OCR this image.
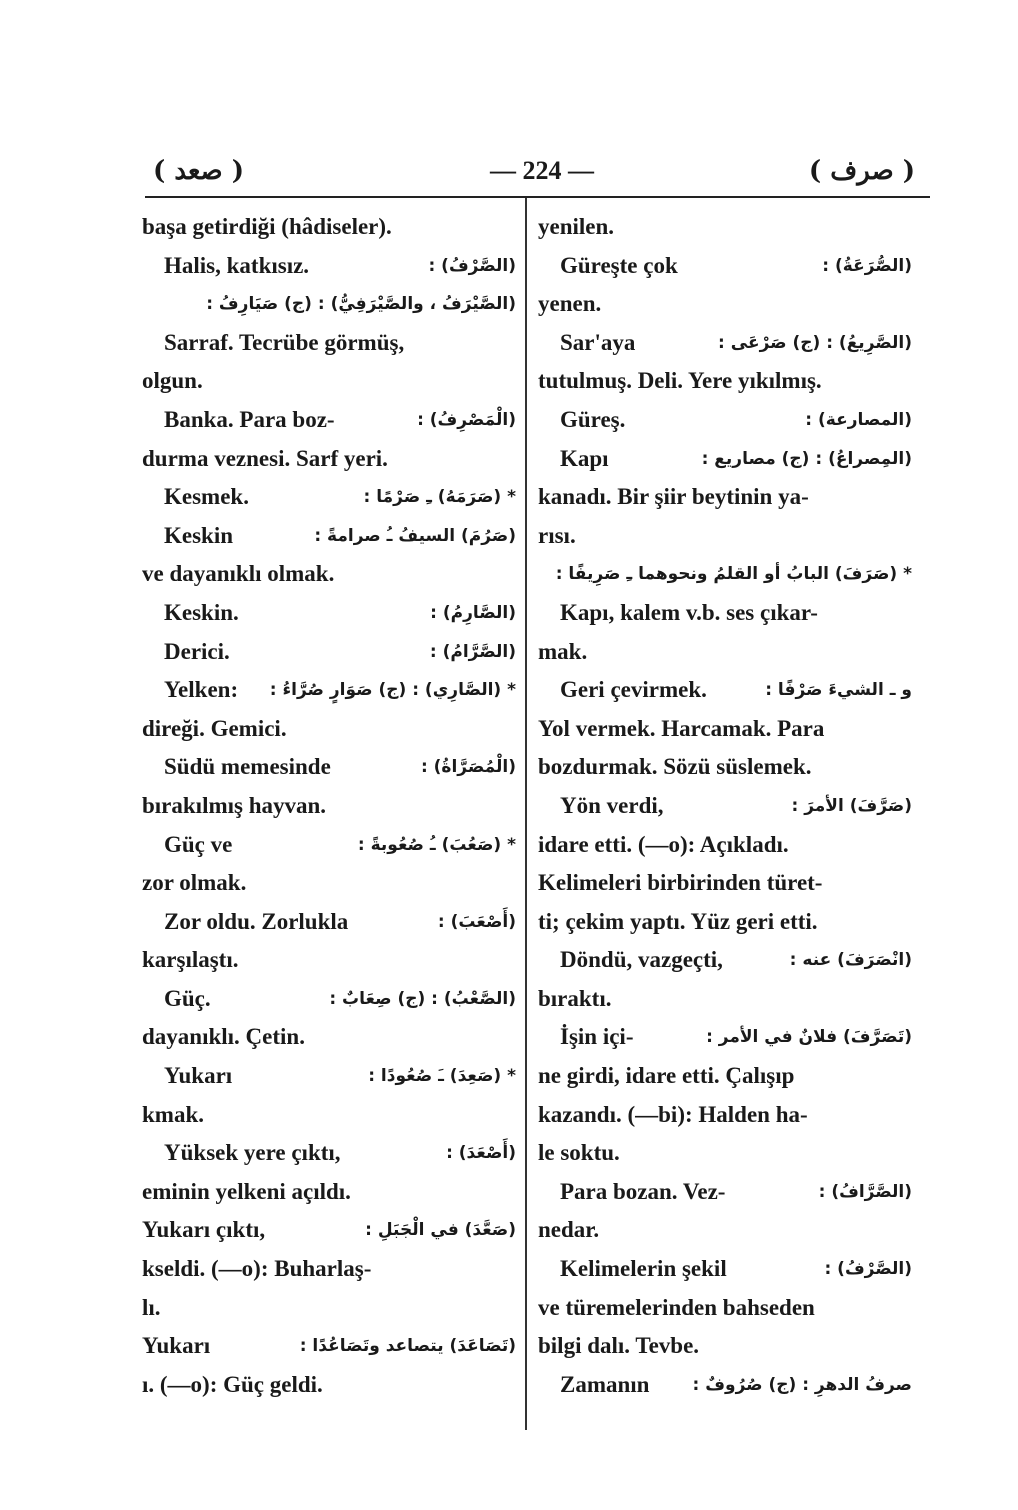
( صعد )	— 224 —	( صرف )
başa getirdiği (hâdiseler).
Halis, katkısız.	(الصَّرْفُ) :
(الصَّيْرَفُ ، والصَّيْرَفِيُّ) : (ج) صَيَارِفُ :
Sarraf. Tecrübe görmüş,
olgun.
Banka. Para boz-	(الْمَصْرِفُ) :
durma veznesi. Sarf yeri.
Kesmek.	* (صَرَمَهُ) ـِ صَرْمًا :
Keskin	(صَرُمَ) السيفُ ـُ صرامةً :
ve dayanıklı olmak.
Keskin.	(الصَّارِمُ) :
Derici.	(الصَّرَّامُ) :
Yelken: * (الصَّارِي) : (ج) صَوَارٍ صُرَّاءُ :
direği. Gemici.
Südü memesinde	(الْمُصَرَّاةُ) :
bırakılmış hayvan.
Güç ve	* (صَعُبَ) ـُ صُعُوبةً :
zor olmak.
Zor oldu. Zorlukla	(أَصْعَبَ) :
karşılaştı.
Güç.	(الصَّعْبُ) : (ج) صِعَابٌ :
dayanıklı. Çetin.
Yukarı	* (صَعِدَ) ـَ صُعُودًا :
kmak.
Yüksek yere çıktı,	(أَصْعَدَ) :
eminin yelkeni açıldı.
Yukarı çıktı,	(صَعَّدَ) في الْجَبَلِ :
kseldi. (—o): Buharlaş-
lı.
Yukarı	(تَصَاعَدَ) يتصاعد وتَصَاعُدًا :
ı. (—o): Güç geldi.
yenilen.
Güreşte çok	(الصُّرَعَةُ) :
yenen.
Sar'aya	(الصَّرِيعُ) : (ج) صَرْعَى :
tutulmuş. Deli. Yere yıkılmış.
Güreş.	(المصارعة) :
Kapı	(المِصراعُ) : (ج) مصاريع :
kanadı. Bir şiir beytinin ya-
rısı.
* (صَرَفَ) البابُ أو القلمُ ونحوهما ـِ صَرِيفًا :
Kapı, kalem v.b. ses çıkar-
mak.
Geri çevirmek.	و ـ الشيءَ صَرْفًا :
Yol vermek. Harcamak. Para
bozdurmak. Sözü süslemek.
Yön verdi,	(صَرَّفَ) الأمرَ :
idare etti. (—o): Açıkladı.
Kelimeleri birbirinden türet-
ti; çekim yaptı. Yüz geri etti.
Döndü, vazgeçti,	(انْصَرَفَ) عنه :
bıraktı.
İşin içi-	(تَصَرَّفَ) فلانٌ في الأمر :
ne girdi, idare etti. Çalışıp
kazandı. (—bi): Halden ha-
le soktu.
Para bozan. Vez-	(الصَّرَّافُ) :
nedar.
Kelimelerin şekil	(الصَّرْفُ) :
ve türemelerinden bahseden
bilgi dalı. Tevbe.
Zamanın	صرفُ الدهرِ : (ج) صُرُوفٌ :
